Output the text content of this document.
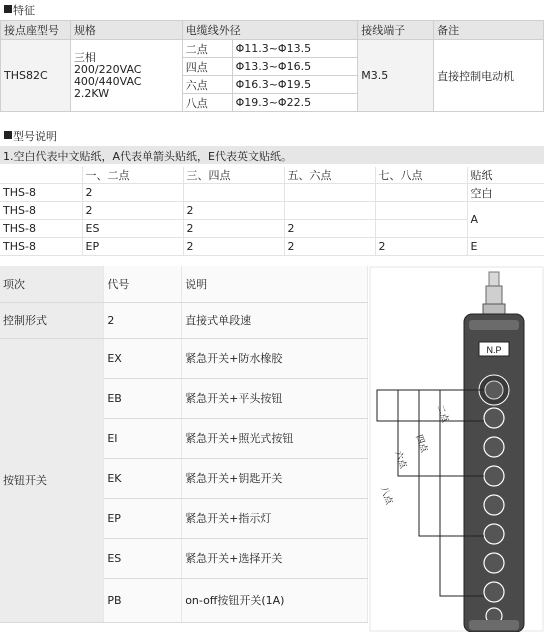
特征
接点座型号	规格	电缆线外径		接线端子	备注
THS82C	三相
200/220VAC
400/440VAC
2.2KW	二点	Φ11.3~Φ13.5	M3.5	直接控制电动机
		四点	Φ13.3~Φ16.5		
		六点	Φ16.3~Φ19.5		
		八点	Φ19.3~Φ22.5		
型号说明
1.空白代表中文贴纸，A代表单箭头贴纸，E代表英文贴纸。
	一、二点	三、四点	五、六点	七、八点	贴纸
THS-8	2				空白
THS-8	2	2			A
THS-8	ES	2	2		
THS-8	EP	2	2	2	E
项次	代号	说明
控制形式	2	直接式单段速
按钮开关	EX	紧急开关+防水橡胶
	EB	紧急开关+平头按钮
	EI	紧急开关+照光式按钮
	EK	紧急开关+钥匙开关
	EP	紧急开关+指示灯
	ES	紧急开关+选择开关
	PB	on-off按钮开关(1A)
N.P
二点
四点
六点
八点
